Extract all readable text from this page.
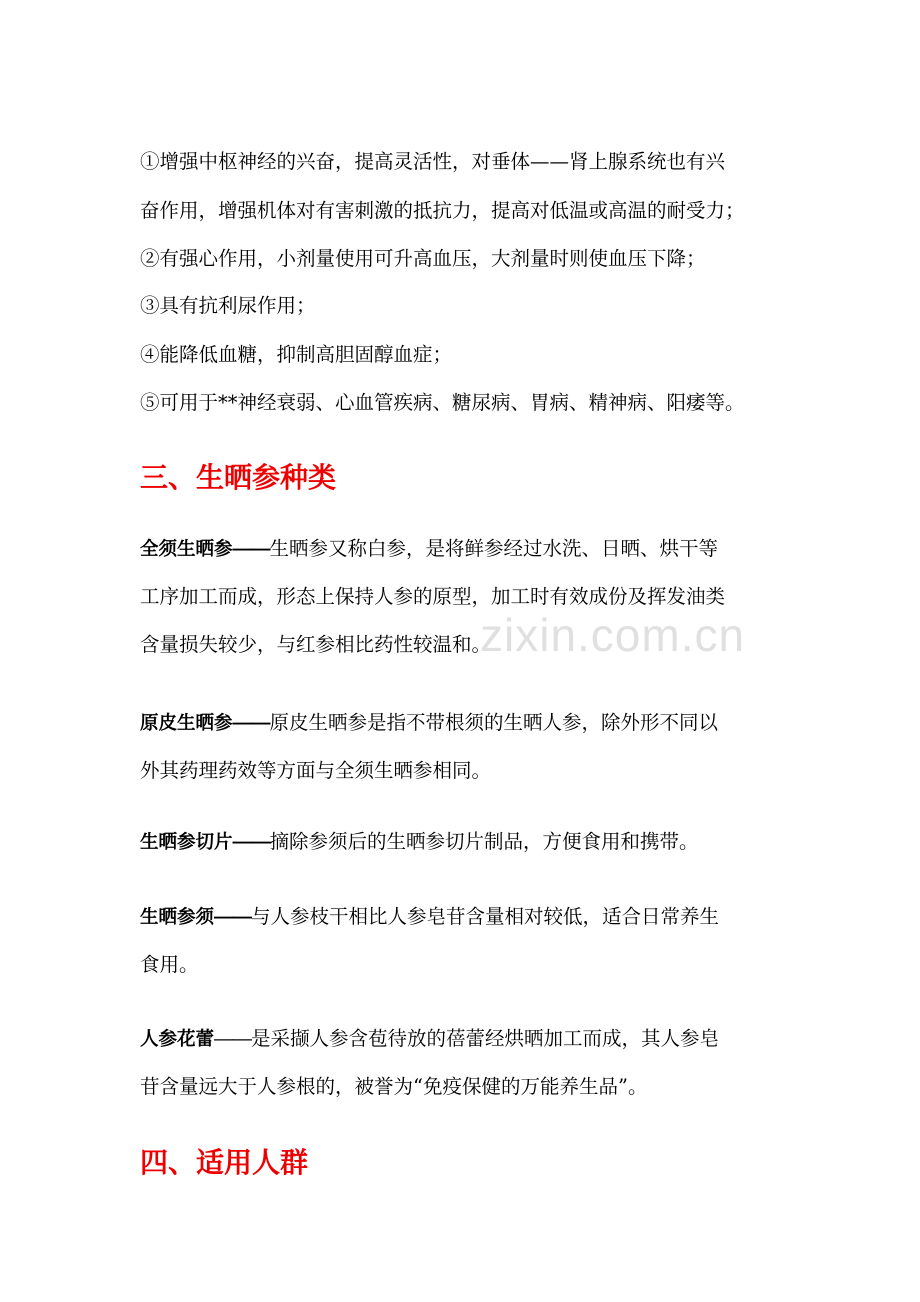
①增强中枢神经的兴奋，提高灵活性，对垂体——肾上腺系统也有兴
奋作用，增强机体对有害刺激的抵抗力，提高对低温或高温的耐受力；
②有强心作用，小剂量使用可升高血压，大剂量时则使血压下降；
③具有抗利尿作用；
④能降低血糖，抑制高胆固醇血症；
⑤可用于**神经衰弱、心血管疾病、糖尿病、胃病、精神病、阳痿等。
三、生晒参种类
全须生晒参——生晒参又称白参，是将鲜参经过水洗、日晒、烘干等
工序加工而成，形态上保持人参的原型，加工时有效成份及挥发油类
含量损失较少，与红参相比药性较温和。
原皮生晒参——原皮生晒参是指不带根须的生晒人参，除外形不同以
外其药理药效等方面与全须生晒参相同。
生晒参切片——摘除参须后的生晒参切片制品，方便食用和携带。
生晒参须——与人参枝干相比人参皂苷含量相对较低，适合日常养生
食用。
人参花蕾——是采撷人参含苞待放的蓓蕾经烘晒加工而成，其人参皂
苷含量远大于人参根的，被誉为“免疫保健的万能养生品”。
四、适用人群
zixin.com.cn
